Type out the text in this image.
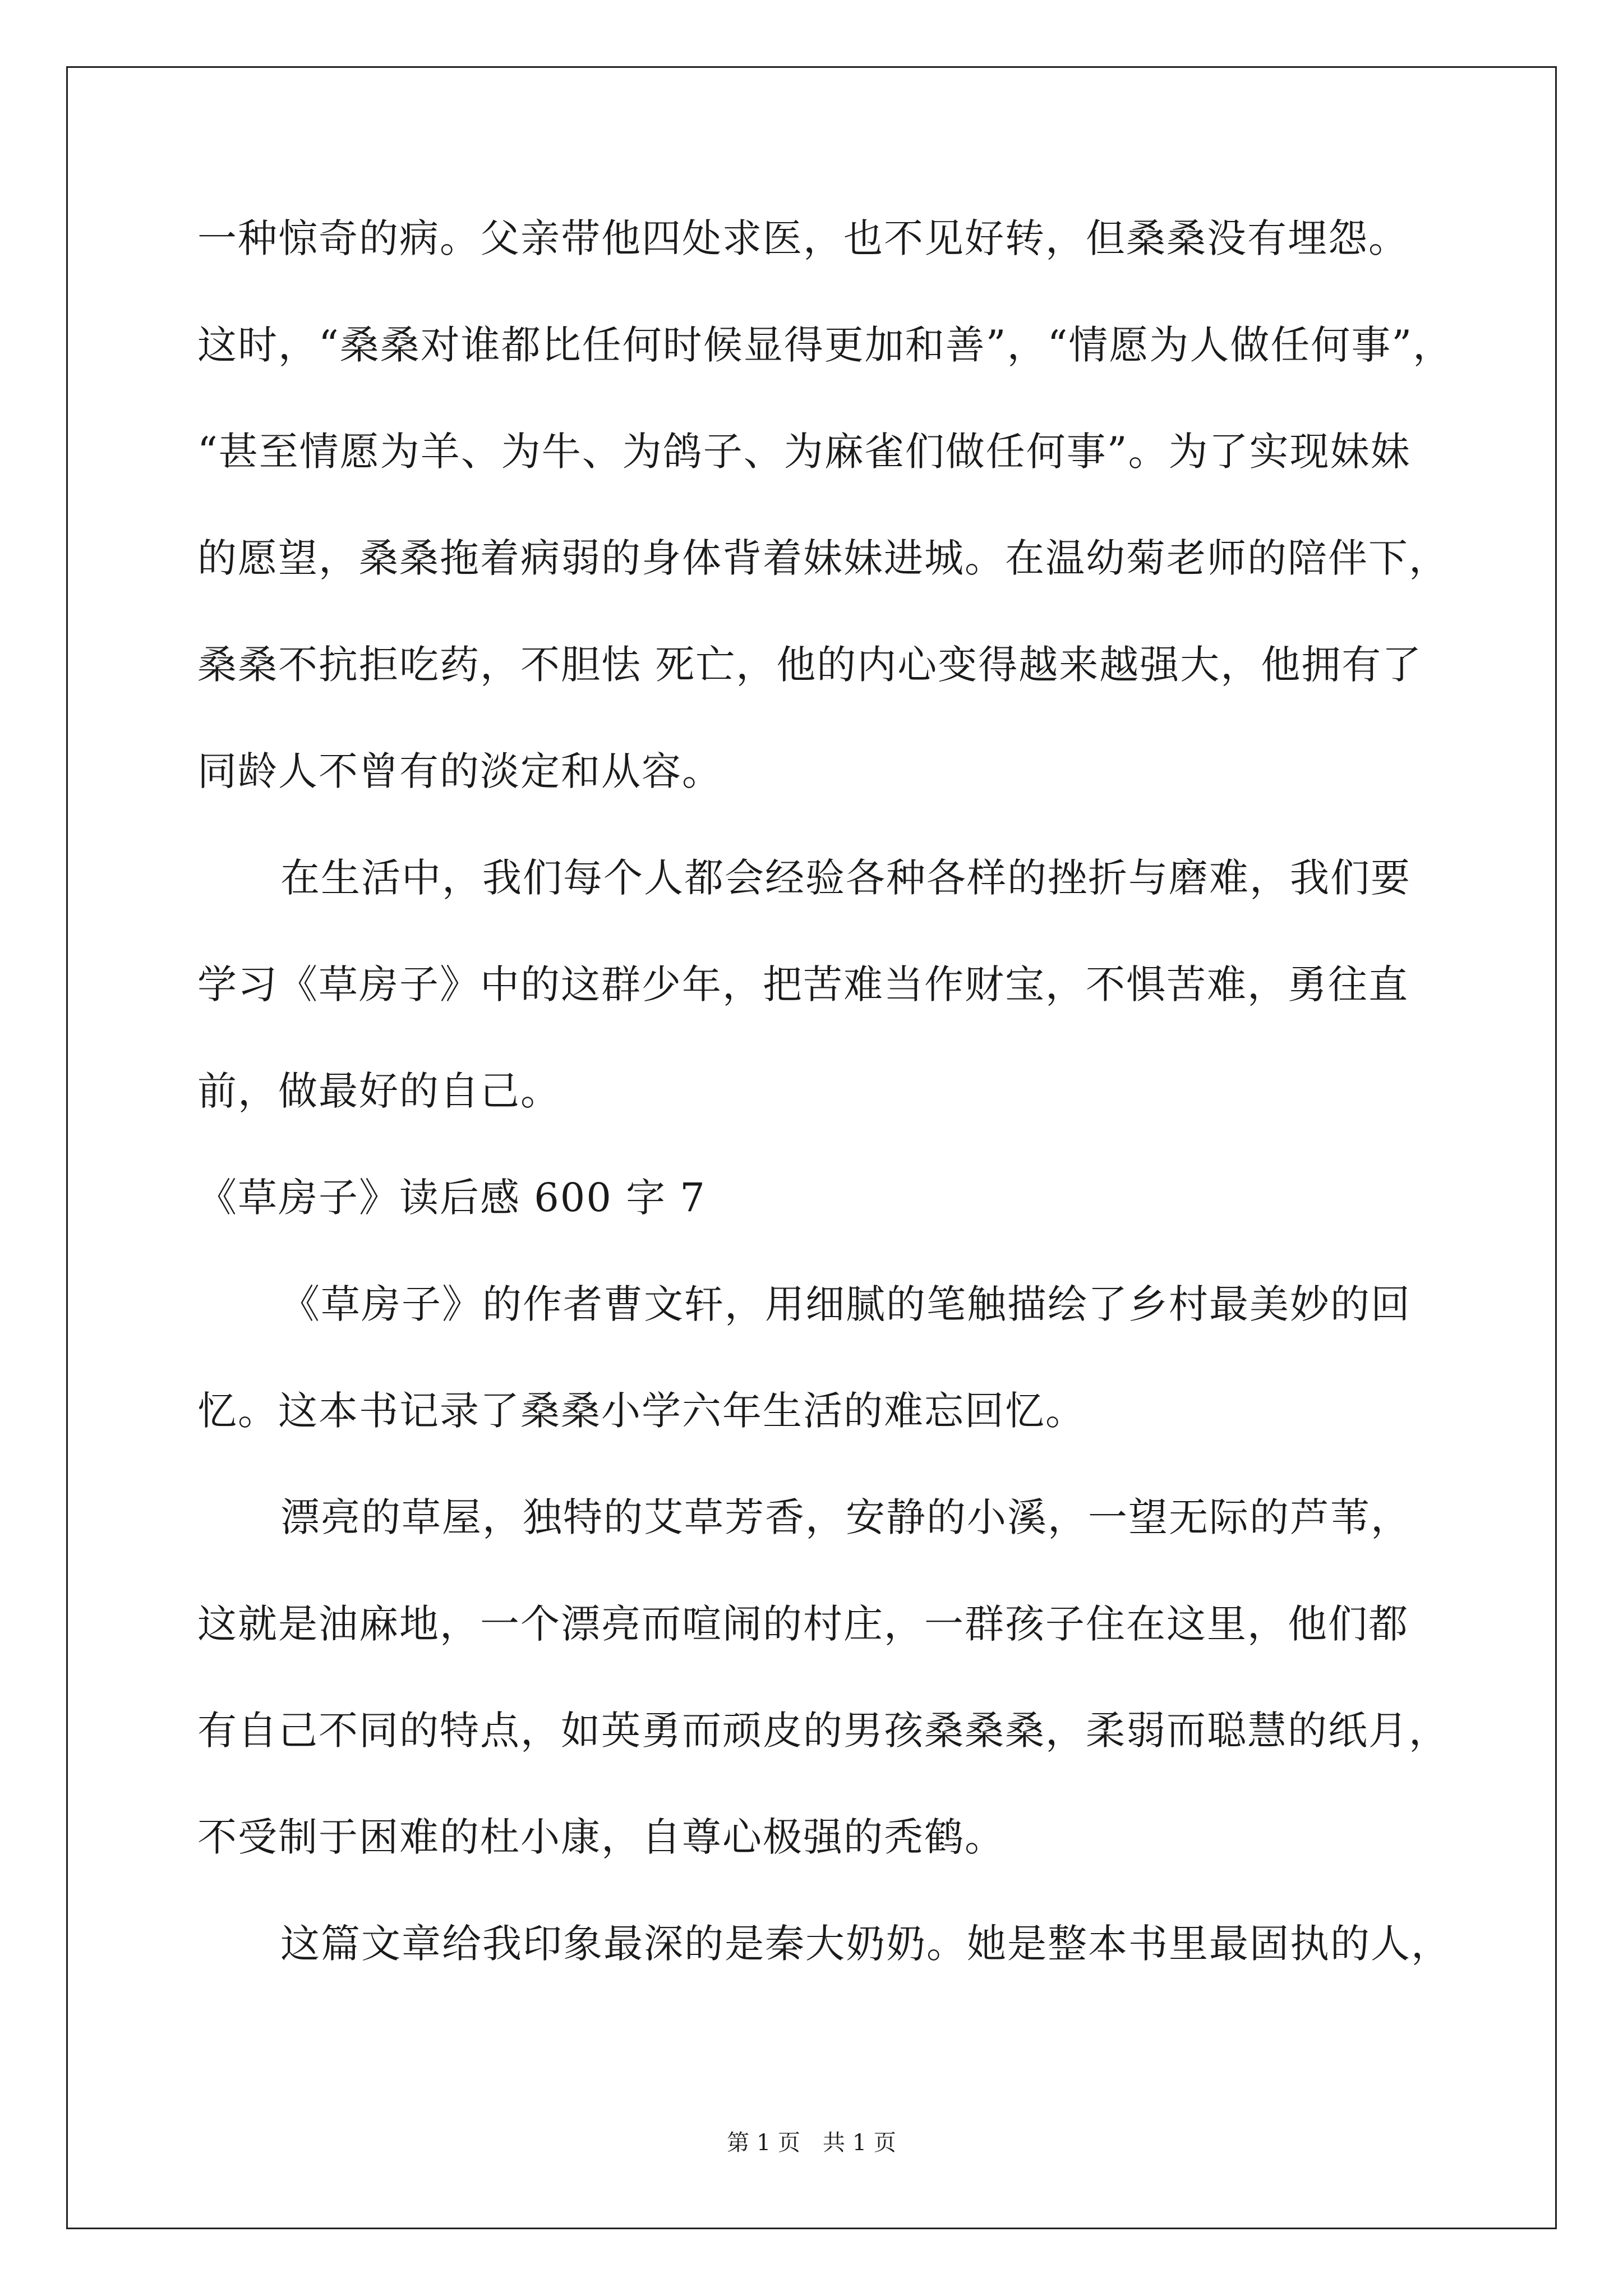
一种惊奇的病。父亲带他四处求医，也不见好转，但桑桑没有埋怨。
这时，“桑桑对谁都比任何时候显得更加和善”，“情愿为人做任何事”，
“甚至情愿为羊、为牛、为鸽子、为麻雀们做任何事”。为了实现妹妹
的愿望，桑桑拖着病弱的身体背着妹妹进城。在温幼菊老师的陪伴下，
桑桑不抗拒吃药，不胆怯 死亡，他的内心变得越来越强大，他拥有了
同龄人不曾有的淡定和从容。
在生活中，我们每个人都会经验各种各样的挫折与磨难，我们要
学习《草房子》中的这群少年，把苦难当作财宝，不惧苦难，勇往直
前，做最好的自己。
《草房子》读后感 600 字 7
《草房子》的作者曹文轩，用细腻的笔触描绘了乡村最美妙的回
忆。这本书记录了桑桑小学六年生活的难忘回忆。
漂亮的草屋，独特的艾草芳香，安静的小溪，一望无际的芦苇，
这就是油麻地，一个漂亮而喧闹的村庄，一群孩子住在这里，他们都
有自己不同的特点，如英勇而顽皮的男孩桑桑桑，柔弱而聪慧的纸月，
不受制于困难的杜小康，自尊心极强的秃鹤。
这篇文章给我印象最深的是秦大奶奶。她是整本书里最固执的人，
第 1 页　共 1 页
